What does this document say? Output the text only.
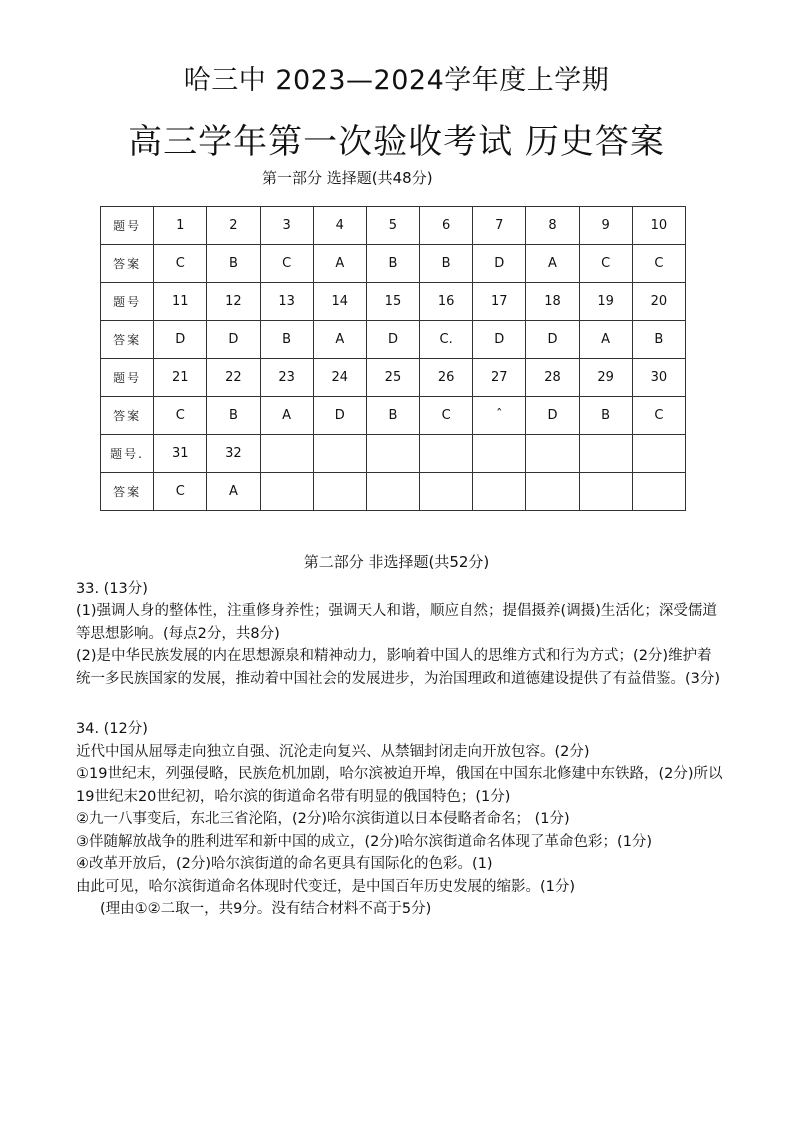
哈三中 2023—2024学年度上学期
高三学年第一次验收考试 历史答案
第一部分 选择题(共48分)
题号	1	2	3	4	5	6	7	8	9	10
答案	C	B	C	A	B	B	D	A	C	C
题号	11	12	13	14	15	16	17	18	19	20
答案	D	D	B	A	D	C.	D	D	A	B
题号	21	22	23	24	25	26	27	28	29	30
答案	C	B	A	D	B	C	ˆ	D	B	C
题号.	31	32								
答案	C	A								
第二部分 非选择题(共52分)

33. (13分)

(1)强调人身的整体性，注重修身养性；强调天人和谐，顺应自然；提倡摄养(调摄)生活化；深受儒道等思想影响。(每点2分，共8分)

(2)是中华民族发展的内在思想源泉和精神动力，影响着中国人的思维方式和行为方式；(2分)维护着统一多民族国家的发展，推动着中国社会的发展进步，为治国理政和道德建设提供了有益借鉴。(3分)

34. (12分)

近代中国从屈辱走向独立自强、沉沦走向复兴、从禁锢封闭走向开放包容。(2分)

①19世纪末，列强侵略，民族危机加剧，哈尔滨被迫开埠，俄国在中国东北修建中东铁路，(2分)所以19世纪末20世纪初，哈尔滨的街道命名带有明显的俄国特色；(1分)

②九一八事变后，东北三省沦陷，(2分)哈尔滨街道以日本侵略者命名； (1分)

③伴随解放战争的胜利进军和新中国的成立，(2分)哈尔滨街道命名体现了革命色彩；(1分)

④改革开放后，(2分)哈尔滨街道的命名更具有国际化的色彩。(1)

由此可见，哈尔滨街道命名体现时代变迁，是中国百年历史发展的缩影。(1分)

(理由①②二取一，共9分。没有结合材料不高于5分)
